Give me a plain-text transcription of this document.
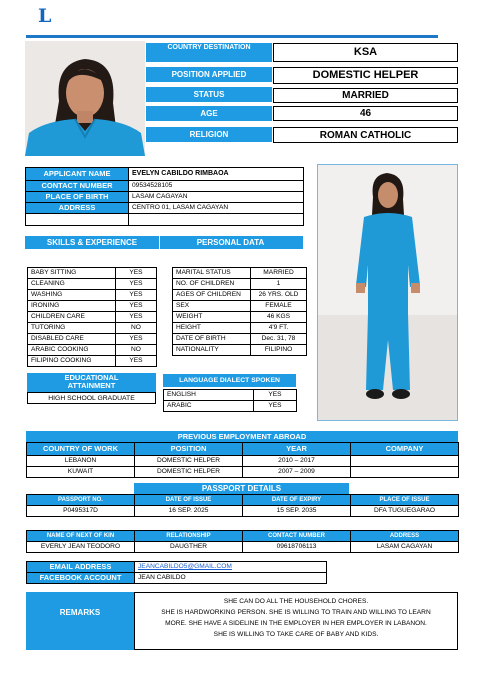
L
COUNTRY DESTINATION	KSA
POSITION APPLIED	DOMESTIC HELPER
STATUS	MARRIED
AGE	46
RELIGION	ROMAN CATHOLIC
APPLICANT NAME	EVELYN CABILDO RIMBAOA
CONTACT NUMBER	09534528105
PLACE OF BIRTH	LASAM CAGAYAN
ADDRESS	CENTRO 01, LASAM CAGAYAN

SKILLS & EXPERIENCE	PERSONAL DATA
BABY SITTING	YES
CLEANING	YES
WASHING	YES
IRONING	YES
CHILDREN CARE	YES
TUTORING	NO
DISABLED CARE	YES
ARABIC COOKING	NO
FILIPINO COOKING	YES
MARITAL STATUS	MARRIED
NO. OF CHILDREN	1
AGES OF CHILDREN	26 YRS. OLD
SEX	FEMALE
WEIGHT	46 KGS
HEIGHT	4'9 FT.
DATE OF BIRTH	Dec. 31, 78
NATIONALITY	FILIPINO
EDUCATIONAL ATTAINMENT
HIGH SCHOOL GRADUATE
LANGUAGE DIALECT SPOKEN
ENGLISH	YES
ARABIC	YES
PREVIOUS EMPLOYMENT ABROAD
COUNTRY OF WORK	POSITION	YEAR	COMPANY
LEBANON	DOMESTIC HELPER	2010 – 2017	
KUWAIT	DOMESTIC HELPER	2007 – 2009	
PASSPORT DETAILS
PASSPORT NO.	DATE OF ISSUE	DATE OF EXPIRY	PLACE OF ISSUE
P0495317D	16 SEP. 2025	15 SEP. 2035	DFA TUGUEGARAO
NAME OF NEXT OF KIN	RELATIONSHIP	CONTACT NUMBER	ADDRESS
EVERLY JEAN TEODORO	DAUGTHER	09618706113	LASAM CAGAYAN
EMAIL ADDRESS	JEANCABILDO5@GMAIL.COM
FACEBOOK ACCOUNT	JEAN CABILDO
REMARKS
SHE CAN DO ALL THE HOUSEHOLD CHORES.
SHE IS HARDWORKING PERSON. SHE IS WILLING TO TRAIN AND WILLING TO LEARN
MORE. SHE HAVE A SIDELINE IN THE EMPLOYER IN HER EMPLOYER IN LABANON.
SHE IS WILLING TO TAKE CARE OF BABY AND KIDS.
